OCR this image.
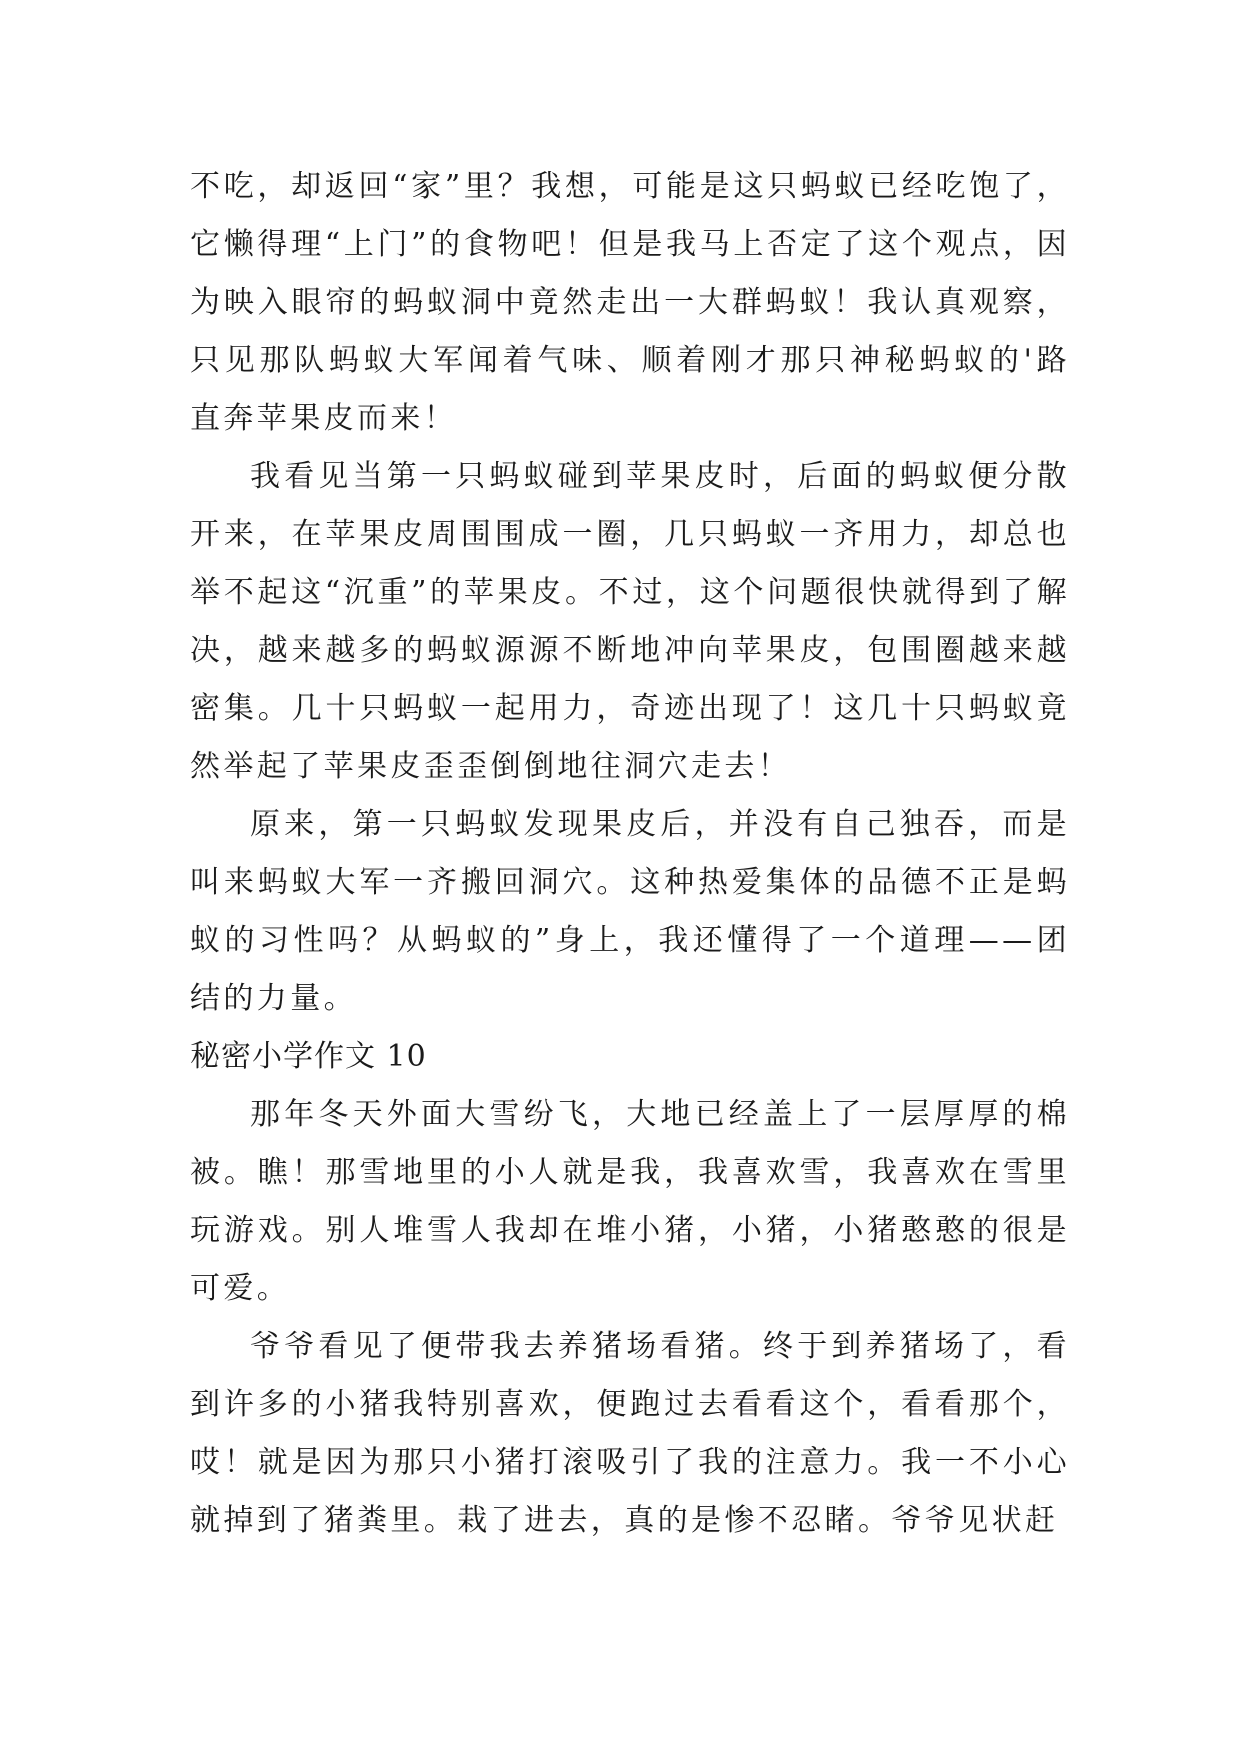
不吃，却返回“家”里？我想，可能是这只蚂蚁已经吃饱了，它懒得理“上门”的食物吧！但是我马上否定了这个观点，因为映入眼帘的蚂蚁洞中竟然走出一大群蚂蚁！我认真观察，只见那队蚂蚁大军闻着气味、顺着刚才那只神秘蚂蚁的'路直奔苹果皮而来！

我看见当第一只蚂蚁碰到苹果皮时，后面的蚂蚁便分散开来，在苹果皮周围围成一圈，几只蚂蚁一齐用力，却总也举不起这“沉重”的苹果皮。不过，这个问题很快就得到了解决，越来越多的蚂蚁源源不断地冲向苹果皮，包围圈越来越密集。几十只蚂蚁一起用力，奇迹出现了！这几十只蚂蚁竟然举起了苹果皮歪歪倒倒地往洞穴走去！

原来，第一只蚂蚁发现果皮后，并没有自己独吞，而是叫来蚂蚁大军一齐搬回洞穴。这种热爱集体的品德不正是蚂蚁的习性吗？从蚂蚁的”身上，我还懂得了一个道理——团结的力量。

秘密小学作文 10

那年冬天外面大雪纷飞，大地已经盖上了一层厚厚的棉被。瞧！那雪地里的小人就是我，我喜欢雪，我喜欢在雪里玩游戏。别人堆雪人我却在堆小猪，小猪，小猪憨憨的很是可爱。

爷爷看见了便带我去养猪场看猪。终于到养猪场了，看到许多的小猪我特别喜欢，便跑过去看看这个，看看那个，哎！就是因为那只小猪打滚吸引了我的注意力。我一不小心就掉到了猪粪里。栽了进去，真的是惨不忍睹。爷爷见状赶
